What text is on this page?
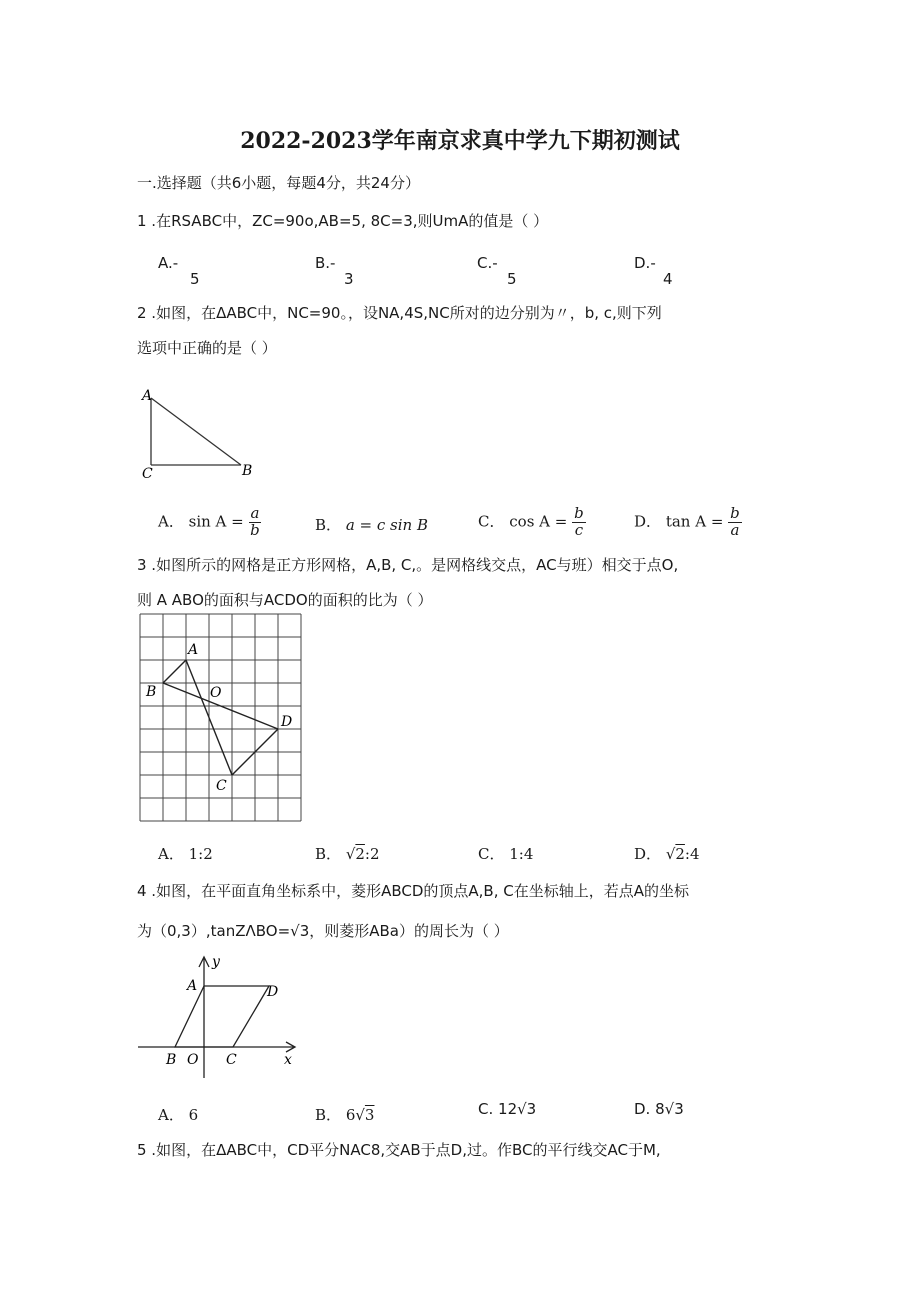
2022-2023学年南京求真中学九下期初测试
一.选择题（共6小题，每题4分，共24分）
1 .在RSABC中，ZC=90o,AB=5, 8C=3,则UmA的值是（ ）
A.-
5
B.-
3
C.-
5
D.-
4
2 .如图，在ΔABC中，NC=90。，设NA,4S,NC所对的边分别为〃，b, c,则下列
选项中正确的是（ ）
A
C	B
A． $\sin A = \frac{a}{b}$	B． a = c sin B	C． $\cos A = \frac{b}{c}$	D． $\tan A = \frac{b}{a}$
3 .如图所示的网格是正方形网格，A,B, C,。是网格线交点，AC与班）相交于点O,
则 A ABO的面积与ACDO的面积的比为（ ）
A
B	O
D
C
A． 1:2	B． √2:2	C． 1:4	D． √2:4
4 .如图，在平面直角坐标系中，菱形ABCD的顶点A,B, C在坐标轴上，若点A的坐标
为（0,3）,tanZΛBO=√3，则菱形ABa）的周长为（ ）
y
A	D
B O C	x
A． 6	B． 6√3	C. 12√3	D. 8√3
5 .如图，在ΔABC中，CD平分NAC8,交AB于点D,过。作BC的平行线交AC于M,
